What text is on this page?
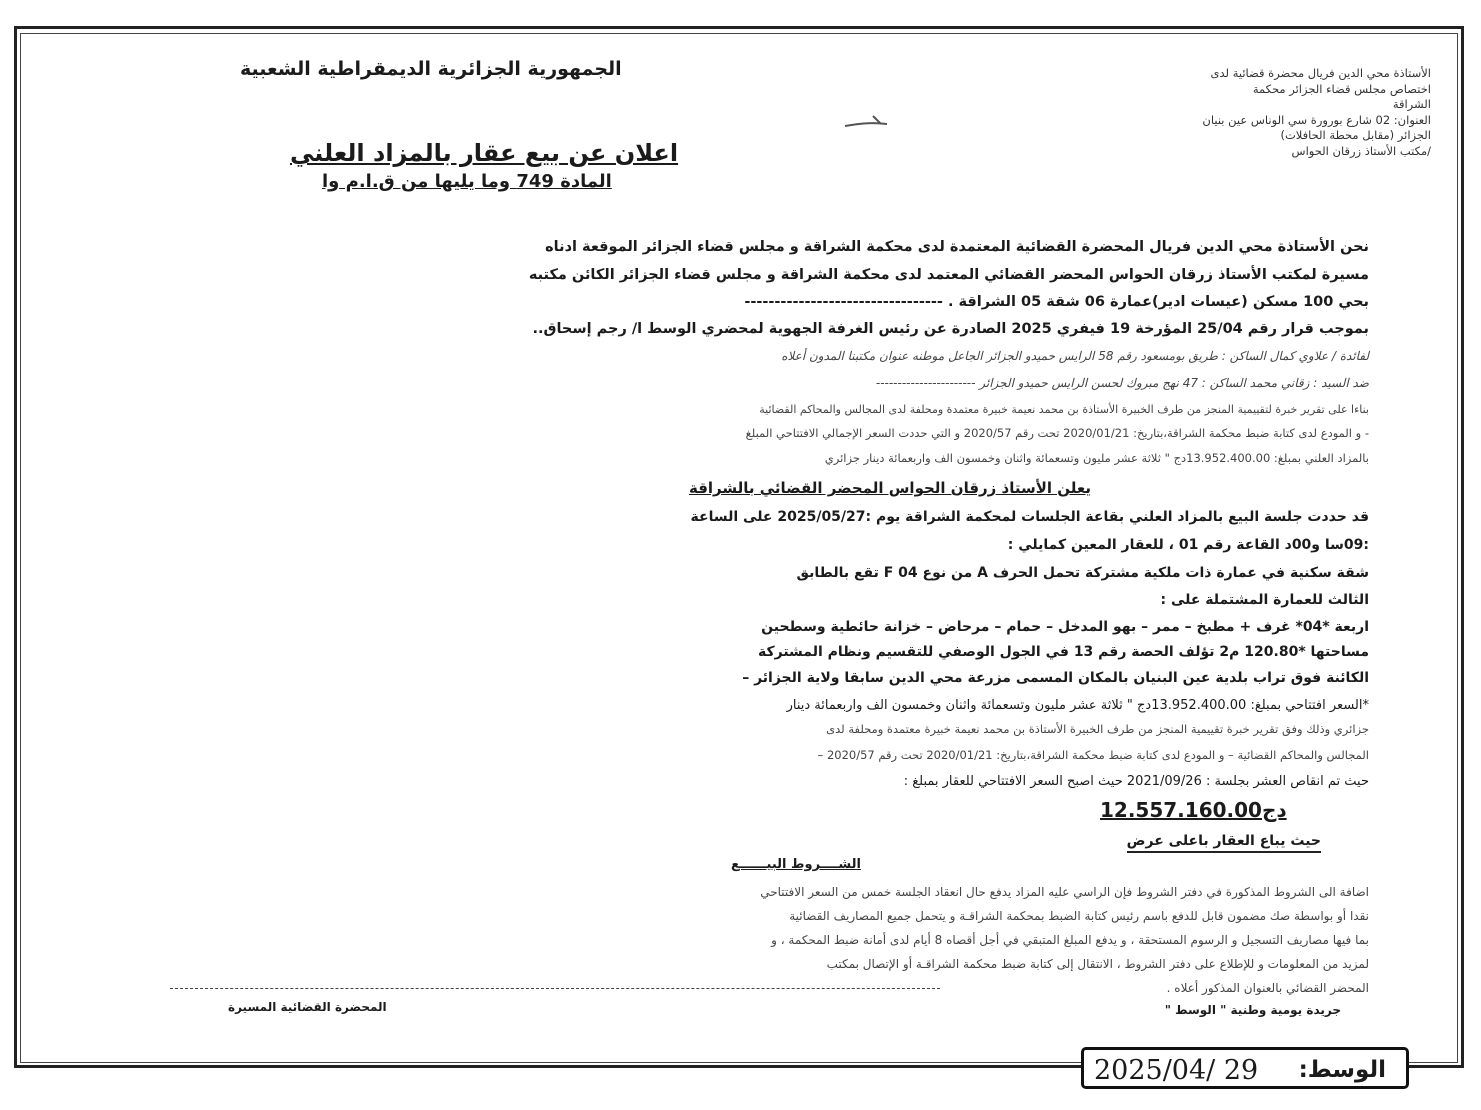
الأستاذة محي الدين فريال محضرة قضائية لدى
اختصاص مجلس قضاء الجزائر محكمة
الشراقة
العنوان: 02 شارع بورورة سي الوناس عين بنيان
الجزائر (مقابل محطة الحافلات)
/مكتب الأستاذ زرقان الحواس
الجمهورية الجزائرية الديمقراطية الشعبية
اعلان عن بيع عقار بالمزاد العلني
المادة 749 وما يليها من ق.ا.م وا
نحن الأستاذة محي الدين فريال المحضرة القضائية المعتمدة لدى محكمة الشراقة و مجلس قضاء الجزائر الموقعة ادناه
مسيرة لمكتب الأستاذ زرقان الحواس المحضر القضائي المعتمد لدى محكمة الشراقة و مجلس قضاء الجزائر الكائن مكتبه
بحي 100 مسكن (عيسات ادير)عمارة 06 شقة 05 الشراقة . ---------------------------------
بموجب قرار رقم 25/04 المؤرخة 19 فيفري 2025 الصادرة عن رئيس الغرفة الجهوية لمحضري الوسط ا/ رجم إسحاق..
لفائدة / علاوي كمال الساكن : طريق بومسعود رقم 58 الرايس حميدو الجزائر الجاعل موطنه عنوان مكتبنا المدون أعلاه
ضد السيد : زقاني محمد الساكن : 47 نهج مبروك لحسن الرايس حميدو الجزائر -----------------------
بناءا على تقرير خبرة لتقييمية المنجز من طرف الخبيرة الأستاذة بن محمد نعيمة خبيرة معتمدة ومحلفة لدى المجالس والمحاكم القضائية
- و المودع لدى كتابة ضبط محكمة الشراقة،بتاريخ: 2020/01/21 تحت رقم 2020/57 و التي حددت السعر الإجمالي الافتتاحي المبلغ
بالمزاد العلني بمبلغ: 13.952.400.00دج " ثلاثة عشر مليون وتسعمائة واثنان وخمسون الف واربعمائة دينار جزائري
يعلن الأستاذ زرقان الحواس المحضر القضائي بالشراقة
قد حددت جلسة البيع بالمزاد العلني بقاعة الجلسات لمحكمة الشراقة يوم :2025/05/27 على الساعة
:09سا و00د القاعة رقم 01 ، للعقار المعين كمايلي :
شقة سكنية في عمارة ذات ملكية مشتركة تحمل الحرف A من نوع F 04 تقع بالطابق
الثالث للعمارة المشتملة على :
اربعة *04* غرف + مطبخ – ممر – بهو المدخل – حمام – مرحاض – خزانة حائطية وسطحين
مساحتها *120.80 م2 تؤلف الحصة رقم 13 في الجول الوصفي للتقسيم ونظام المشتركة
الكائنة فوق تراب بلدية عين البنيان بالمكان المسمى مزرعة محي الدين سابقا ولاية الجزائر –
*السعر افتتاحي بمبلغ: 13.952.400.00دج " ثلاثة عشر مليون وتسعمائة واثنان وخمسون الف واربعمائة دينار
جزائري وذلك وفق تقرير خبرة تقييمية المنجز من طرف الخبيرة الأستاذة بن محمد نعيمة خبيرة معتمدة ومحلفة لدى
المجالس والمحاكم القضائية – و المودع لدى كتابة ضبط محكمة الشراقة،بتاريخ: 2020/01/21 تحت رقم 2020/57 –
حيث تم انقاص العشر بجلسة : 2021/09/26 حيث اصبح السعر الافتتاحي للعقار بمبلغ :
12.557.160.00دج
حيث يباع العقار باعلى عرض
الشــــروط البيــــــع
اضافة الى الشروط المذكورة في دفتر الشروط فإن الراسي عليه المزاد يدفع حال انعقاد الجلسة خمس من السعر الافتتاحي
نقدا أو بواسطة صك مضمون قابل للدفع باسم رئيس كتابة الضبط بمحكمة الشراقـة و يتحمل جميع المصاريف القضائية
بما فيها مصاريف التسجيل و الرسوم المستحقة ، و يدفع المبلغ المتبقي في أجل أقصاه 8 أيام لدى أمانة ضبط المحكمة ، و
لمزيد من المعلومات و للإطلاع على دفتر الشروط ، الانتقال إلى كتابة ضبط محكمة الشراقـة أو الإتصال بمكتب
المحضر القضائي بالعنوان المذكور أعلاه .
جريدة يومية وطنية " الوسط "
المحضرة القضائية المسيرة
الوسط:
2025/04/ 29
